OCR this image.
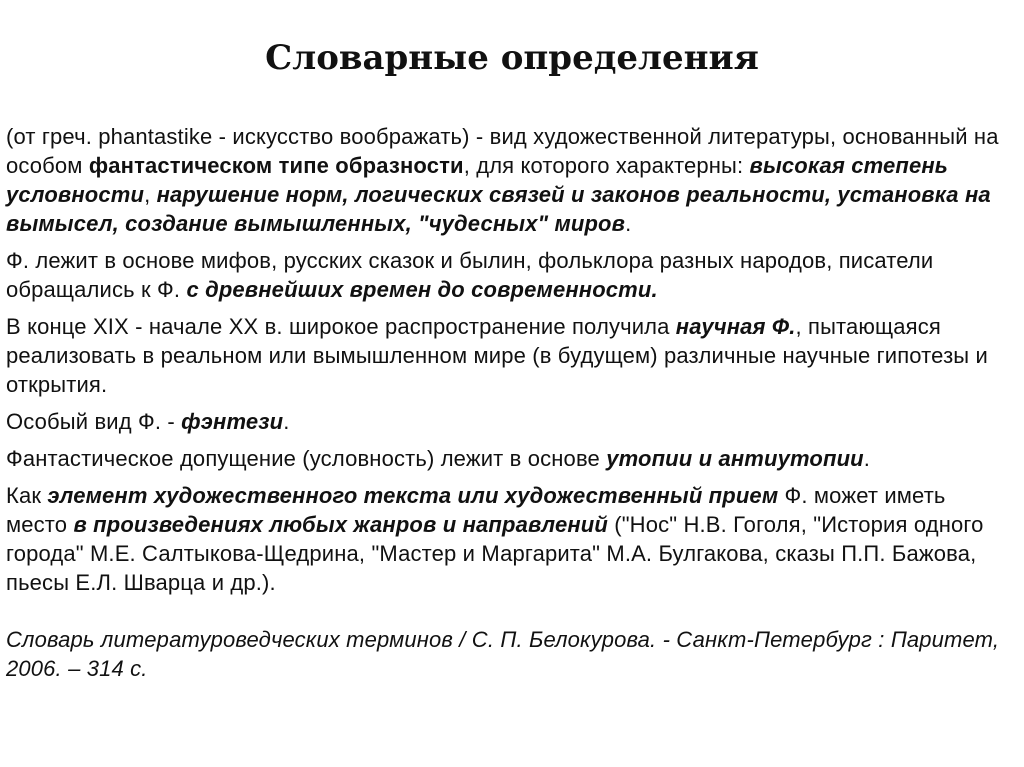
Словарные определения

(от греч. phantastike - искусство воображать) - вид художественной литературы, основанный на особом фантастическом типе образности, для которого характерны: высокая степень условности, нарушение норм, логических связей и законов реальности, установка на вымысел, создание вымышленных, "чудесных" миров.

Ф. лежит в основе мифов, русских сказок и былин, фольклора разных народов, писатели обращались к Ф. с древнейших времен до современности.

В конце XIX - начале XX в. широкое распространение получила научная Ф., пытающаяся реализовать в реальном или вымышленном мире (в будущем) различные научные гипотезы и открытия.

Особый вид Ф. - фэнтези.

Фантастическое допущение (условность) лежит в основе утопии и антиутопии.

Как элемент художественного текста или художественный прием Ф. может иметь место в произведениях любых жанров и направлений ("Нос" Н.В. Гоголя, "История одного города" М.Е. Салтыкова-Щедрина, "Мастер и Маргарита" М.А. Булгакова, сказы П.П. Бажова, пьесы Е.Л. Шварца и др.).

Словарь литературоведческих терминов / С. П. Белокурова. - Санкт-Петербург : Паритет, 2006. – 314 с.
